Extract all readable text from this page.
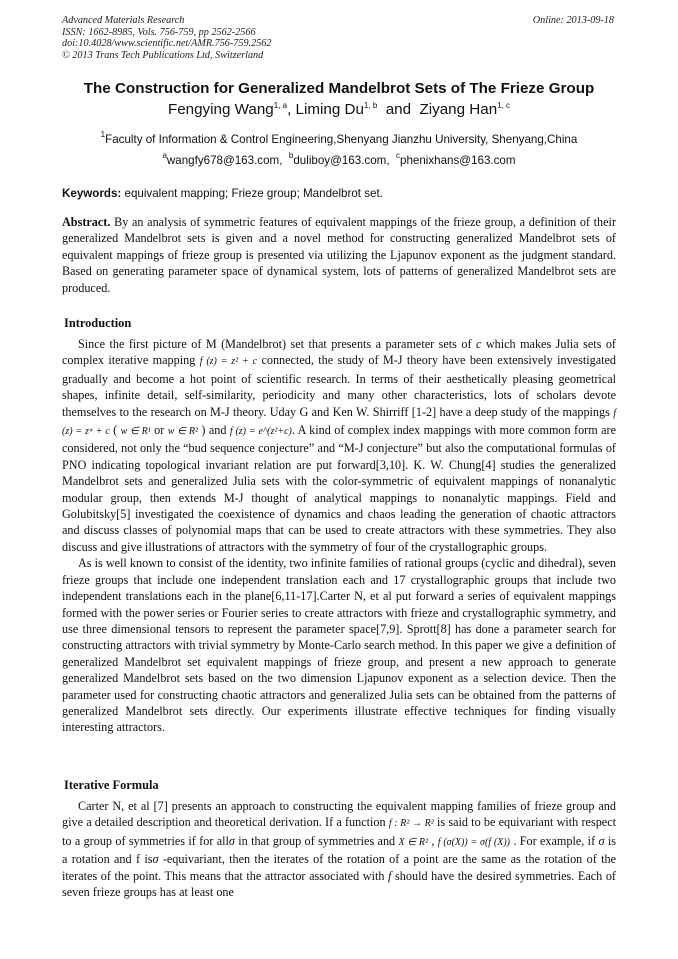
Advanced Materials Research
ISSN: 1662-8985, Vols. 756-759, pp 2562-2566
doi:10.4028/www.scientific.net/AMR.756-759.2562
© 2013 Trans Tech Publications Ltd, Switzerland
Online: 2013-09-18
The Construction for Generalized Mandelbrot Sets of The Frieze Group
Fengying Wang$^{1, a}$, Liming Du$^{1, b}$  and  Ziyang Han$^{1, c}$
$^1$Faculty of Information & Control Engineering,Shenyang Jianzhu University, Shenyang,China
$^a$wangfy678@163.com, $^b$duliboy@163.com, $^c$phenixhans@163.com
Keywords: equivalent mapping; Frieze group; Mandelbrot set.
Abstract. By an analysis of symmetric features of equivalent mappings of the frieze group, a definition of their generalized Mandelbrot sets is given and a novel method for constructing generalized Mandelbrot sets of equivalent mappings of frieze group is presented via utilizing the Ljapunov exponent as the judgment standard. Based on generating parameter space of dynamical system, lots of patterns of generalized Mandelbrot sets are produced.
Introduction

Since the first picture of M (Mandelbrot) set that presents a parameter sets of c which makes Julia sets of complex iterative mapping f (z) = z² + c connected, the study of M-J theory have been extensively investigated gradually and become a hot point of scientific research. In terms of their aesthetically pleasing geometrical shapes, infinite detail, self-similarity, periodicity and many other characteristics, lots of scholars devote themselves to the research on M-J theory. Uday G and Ken W. Shirriff [1-2] have a deep study of the mappings f (z) = zʷ + c ( w ∈ R¹ or w ∈ R² ) and f (z) = e^(z²+c). A kind of complex index mappings with more common form are considered, not only the “bud sequence conjecture” and “M-J conjecture” but also the computational formulas of PNO indicating topological invariant relation are put forward[3,10]. K. W. Chung[4] studies the generalized Mandelbrot sets and generalized Julia sets with the color-symmetric of equivalent mappings of nonanalytic modular group, then extends M-J thought of analytical mappings to nonanalytic mappings. Field and Golubitsky[5] investigated the coexistence of dynamics and chaos leading the generation of chaotic attractors and discuss classes of polynomial maps that can be used to create attractors with these symmetries. They also discuss and give illustrations of attractors with the symmetry of four of the crystallographic groups.

As is well known to consist of the identity, two infinite families of rational groups (cyclic and dihedral), seven frieze groups that include one independent translation each and 17 crystallographic groups that include two independent translations each in the plane[6,11-17].Carter N, et al put forward a series of equivalent mappings formed with the power series or Fourier series to create attractors with frieze and crystallographic symmetry, and use three dimensional tensors to represent the parameter space[7,9]. Sprott[8] has done a parameter search for constructing attractors with trivial symmetry by Monte-Carlo search method. In this paper we give a definition of generalized Mandelbrot set equivalent mappings of frieze group, and present a new approach to generate generalized Mandelbrot sets based on the two dimension Ljapunov exponent as a selection device. Then the parameter used for constructing chaotic attractors and generalized Julia sets can be obtained from the patterns of generalized Mandelbrot sets directly. Our experiments illustrate effective techniques for finding visually interesting attractors.

Iterative Formula

Carter N, et al [7] presents an approach to constructing the equivalent mapping families of frieze group and give a detailed description and theoretical derivation. If a function f : R² → R² is said to be equivariant with respect to a group of symmetries if for allσ in that group of symmetries and X ∈ R² , f (σ(X)) = σ(f (X)) . For example, if σ is a rotation and f isσ -equivariant, then the iterates of the rotation of a point are the same as the rotation of the iterates of the point. This means that the attractor associated with f should have the desired symmetries. Each of seven frieze groups has at least one
